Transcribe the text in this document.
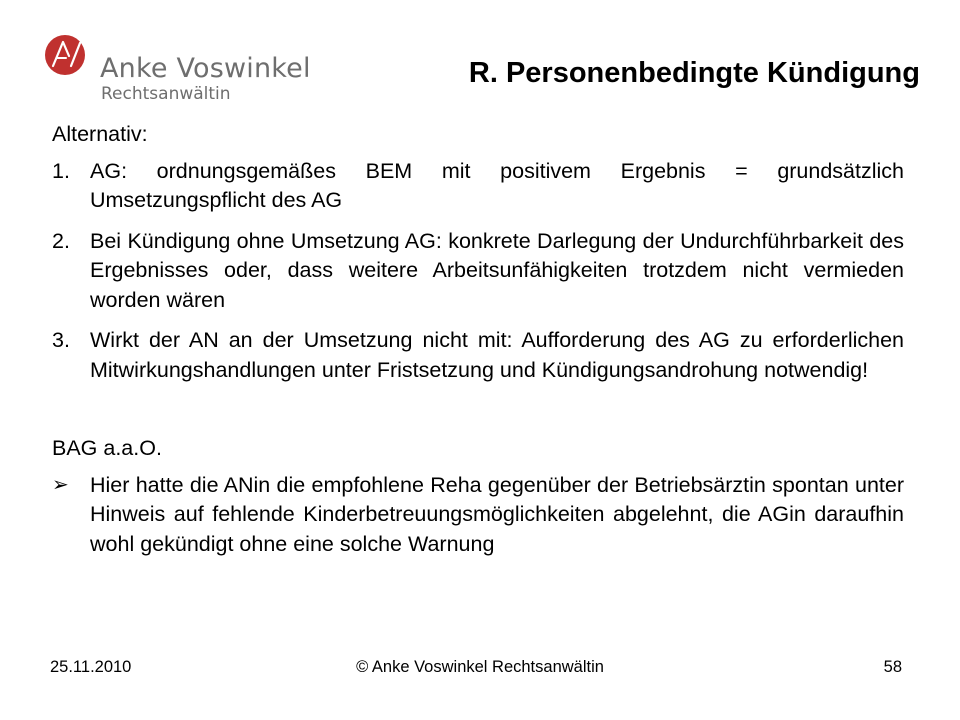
Anke Voswinkel
Rechtsanwältin
R. Personenbedingte Kündigung
Alternativ:
1. AG: ordnungsgemäßes BEM mit positivem Ergebnis = grundsätzlich Umsetzungspflicht des AG
2. Bei Kündigung ohne Umsetzung AG: konkrete Darlegung der Undurchführbarkeit des Ergebnisses oder, dass weitere Arbeitsunfähigkeiten trotzdem nicht vermieden worden wären
3. Wirkt der AN an der Umsetzung nicht mit: Aufforderung des AG zu erforderlichen Mitwirkungshandlungen unter Fristsetzung und Kündigungsandrohung notwendig!
BAG a.a.O.
➢ Hier hatte die ANin die empfohlene Reha gegenüber der Betriebsärztin spontan unter Hinweis auf fehlende Kinderbetreuungsmöglichkeiten abgelehnt, die AGin daraufhin wohl gekündigt ohne eine solche Warnung
© Anke Voswinkel Rechtsanwältin
25.11.2010	58
